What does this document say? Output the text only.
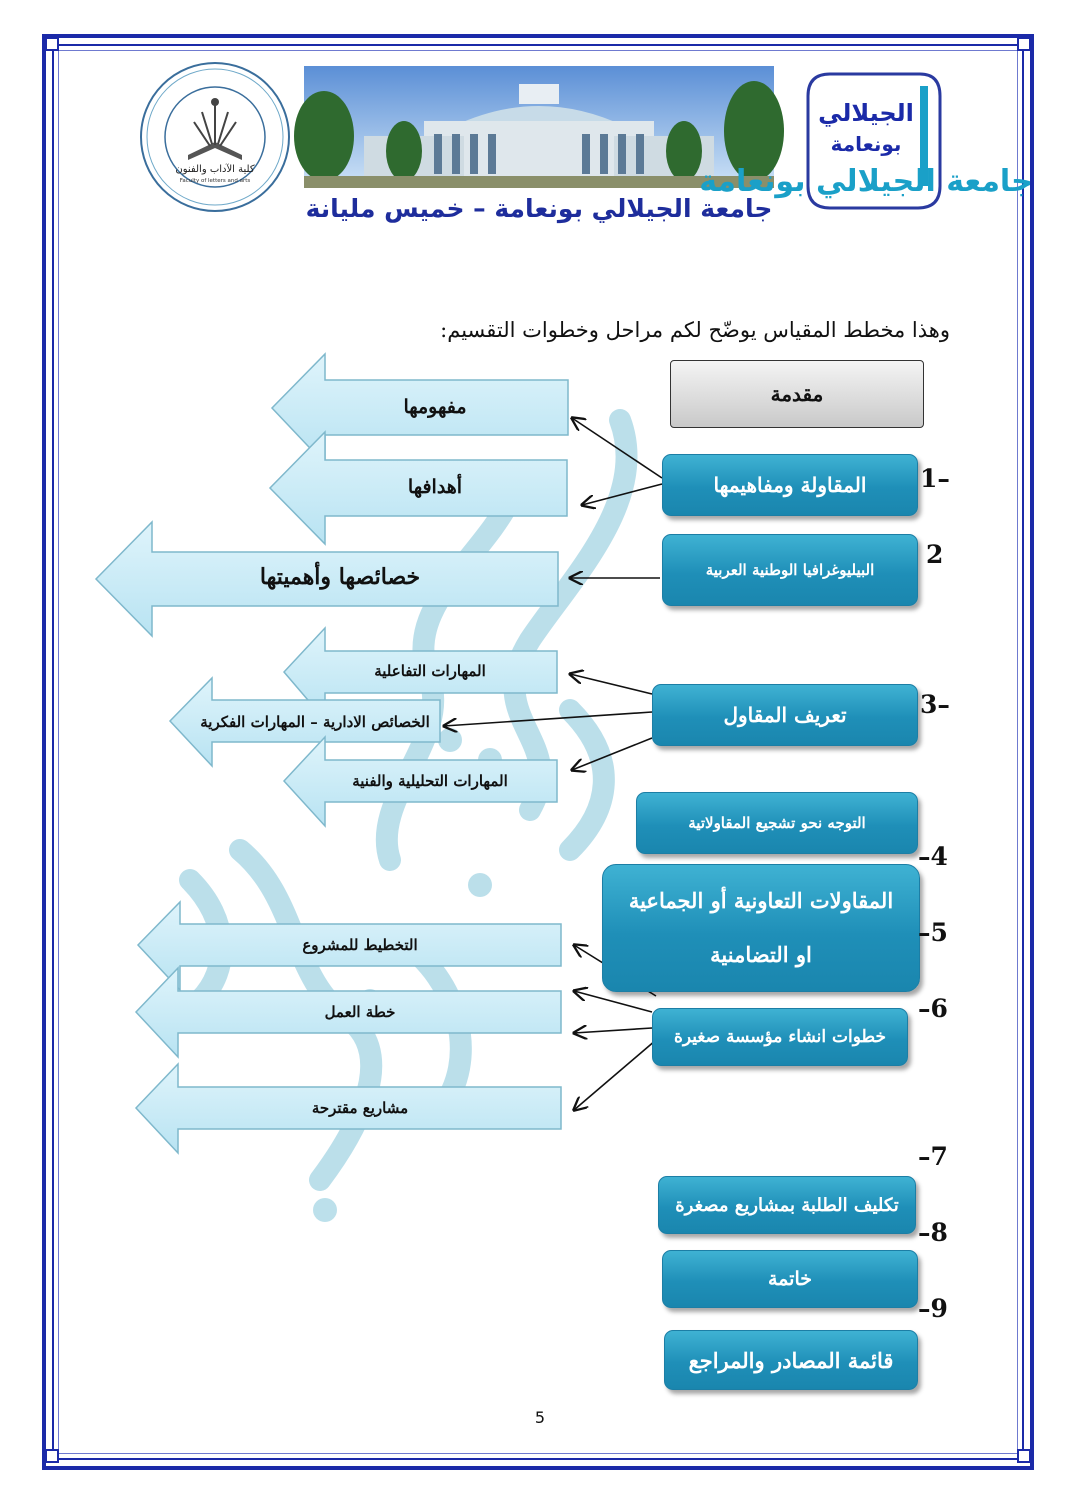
كلية الآداب والفنون
Faculty of letters and arts
الجيلالي
بونعامة
جامعة الجيلالي بونعامة
جامعة الجيلالي بونعامة – خميس مليانة
وهذا مخطط المقياس يوضّح لكم مراحل وخطوات التقسيم:
مقدمة
مفهومها
أهدافها
خصائصها وأهميتها
المهارات التفاعلية
الخصائص الادارية – المهارات الفكرية
المهارات التحليلية والفنية
التخطيط للمشروع
خطة العمل
مشاريع مقترحة
المقاولة ومفاهيمها
البيليوغرافيا الوطنية العربية
تعريف المقاول
التوجه نحو تشجيع المقاولاتية
المقاولات التعاونية أو الجماعية او التضامنية
خطوات انشاء مؤسسة صغيرة
تكليف الطلبة بمشاريع مصغرة
خاتمة
قائمة المصادر والمراجع
1–
2
3–
–4
–5
–6
–7
–8
–9
5
